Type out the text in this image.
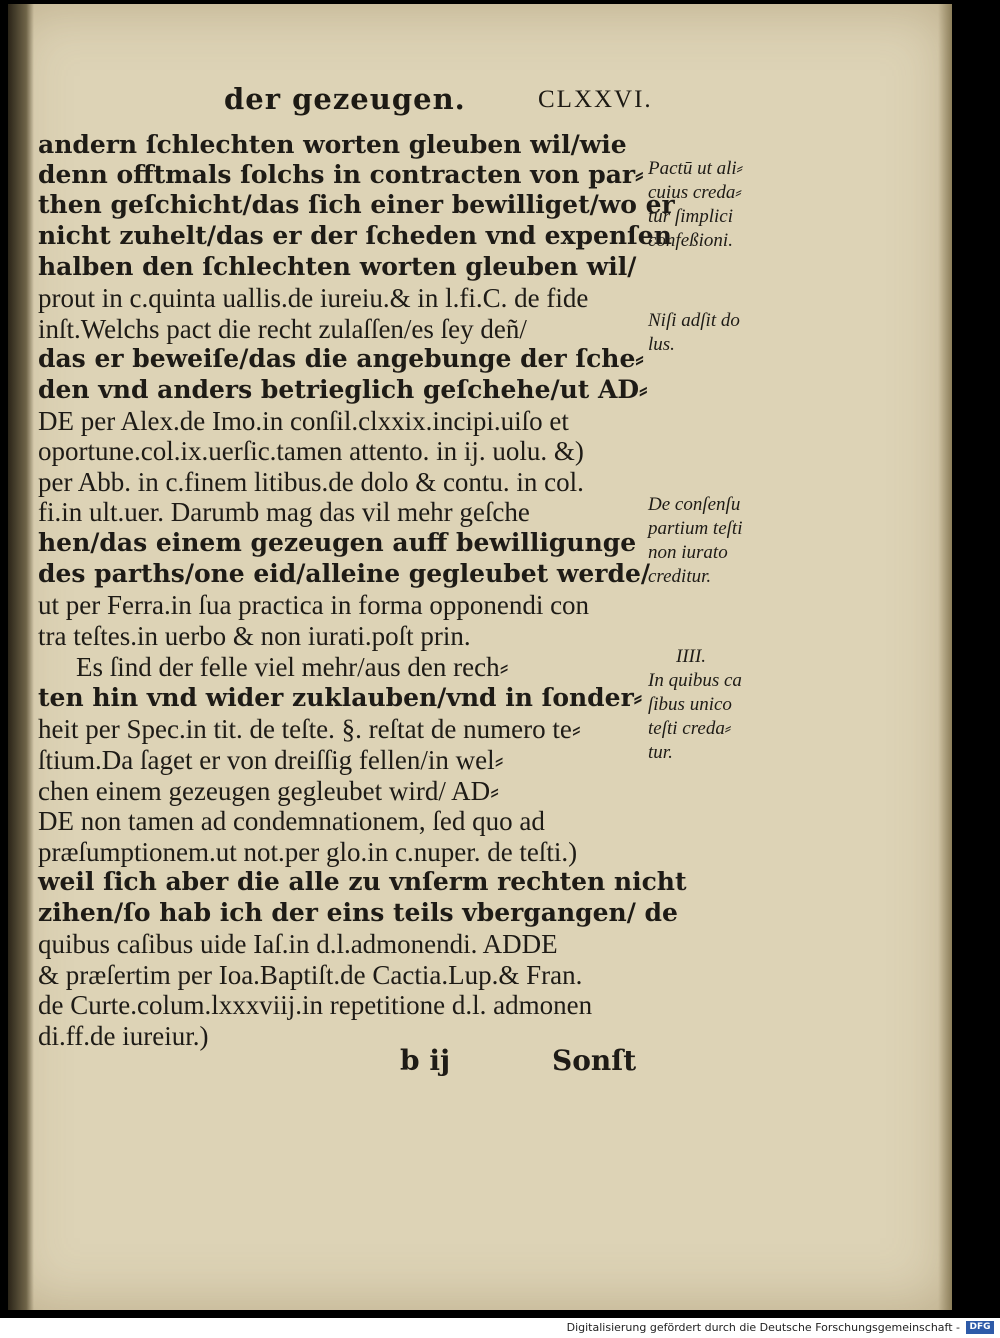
der gezeugen.	CLXXVI.
andern ſchlechten worten gleuben wil/wie
denn offtmals ſolchs in contracten von par⸗
then geſchicht/das ſich einer bewilliget/wo er
nicht zuhelt/das er der ſcheden vnd expenſen
halben den ſchlechten worten gleuben wil/
prout in c.quinta uallis.de iureiu.& in l.fi.C. de fide
inſt.Welchs pact die recht zulaſſen/es ſey deñ/
das er beweiſe/das die angebunge der ſche⸗
den vnd anders betrieglich geſchehe/ut AD⸗
DE per Alex.de Imo.in conſil.clxxix.incipi.uiſo et
oportune.col.ix.uerſic.tamen attento. in ij. uolu. &)
per Abb. in c.finem litibus.de dolo & contu. in col.
fi.in ult.uer. Darumb mag das vil mehr geſche
hen/das einem gezeugen auff bewilligunge
des parths/one eid/alleine gegleubet werde/
ut per Ferra.in ſua practica in forma opponendi con
tra teſtes.in uerbo & non iurati.poſt prin.
Es ſind der felle viel mehr/aus den rech⸗
ten hin vnd wider zuklauben/vnd in ſonder⸗
heit per Spec.in tit. de teſte. §. reſtat de numero te⸗
ſtium.Da ſaget er von dreiſſig fellen/in wel⸗
chen einem gezeugen gegleubet wird/ AD⸗
DE non tamen ad condemnationem, ſed quo ad
præſumptionem.ut not.per glo.in c.nuper. de teſti.)
weil ſich aber die alle zu vnſerm rechten nicht
zihen/ſo hab ich der eins teils vbergangen/ de
quibus caſibus uide Iaſ.in d.l.admonendi. ADDE
& præſertim per Ioa.Baptiſt.de Cactia.Lup.& Fran.
de Curte.colum.lxxxviij.in repetitione d.l. admonen
di.ff.de iureiur.)
Pactū ut ali⸗
cuius creda⸗
tur ſimplici
confeßioni.
Niſi adſit do
lus.
De conſenſu
partium teſti
non iurato
creditur.
IIII.
In quibus ca
ſibus unico
teſti creda⸗
tur.
b ij	Sonſt
Digitalisierung gefördert durch die Deutsche Forschungsgemeinschaft -	DFG
